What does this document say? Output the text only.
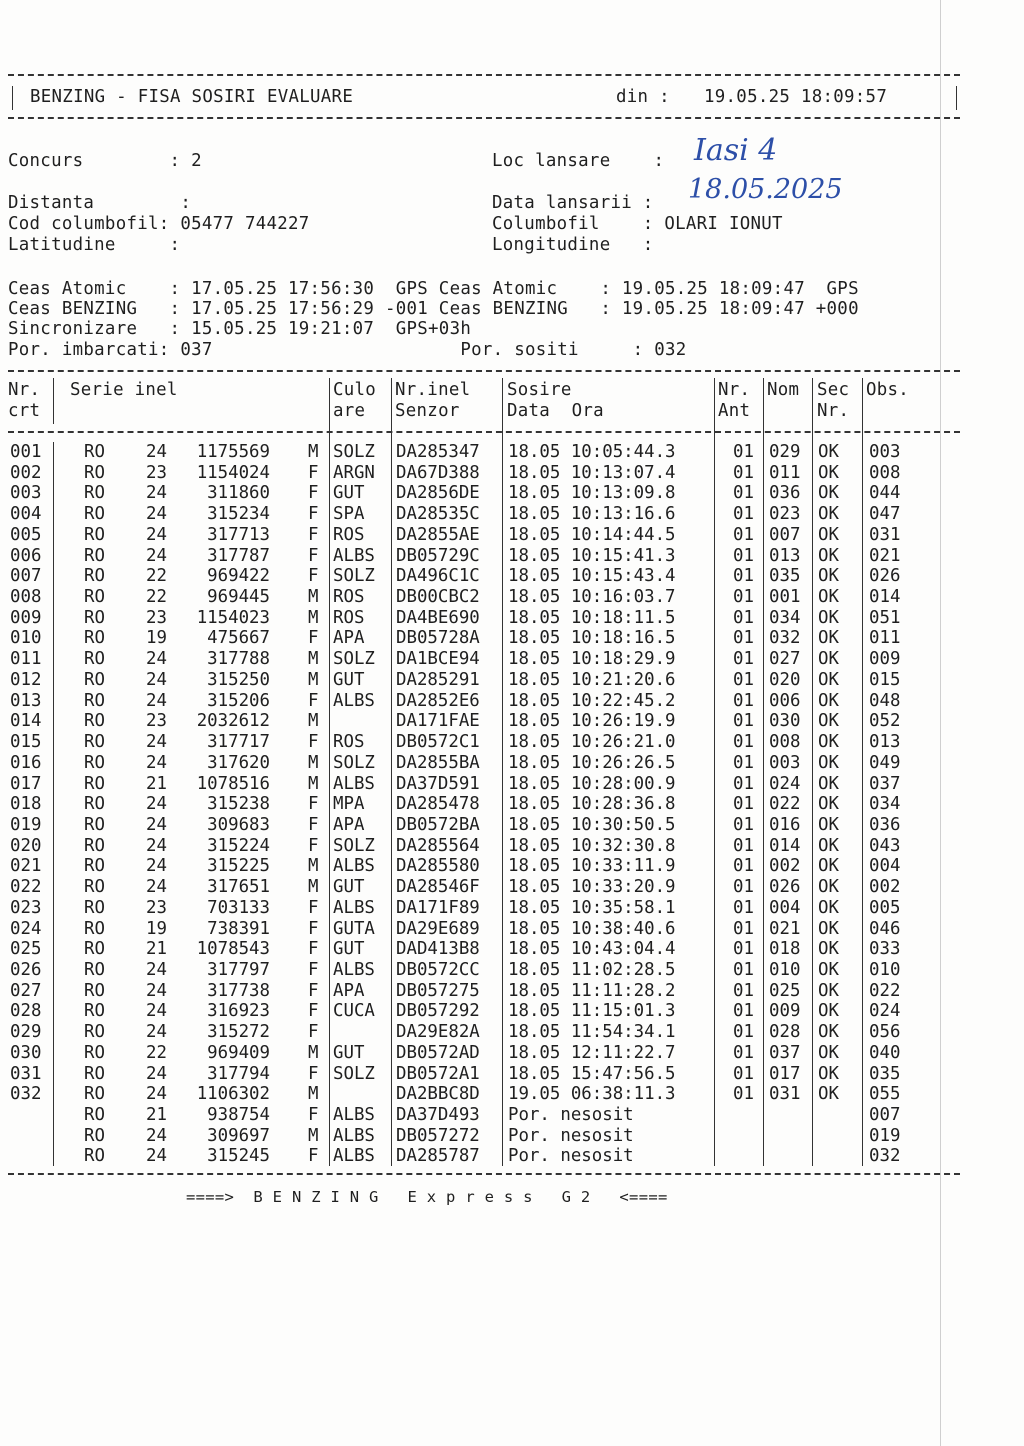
BENZING - FISA SOSIRI EVALUARE	din : 19.05.25 18:09:57
Concurs        : 2	Loc lansare    : Iasi 4
Distanta        :	Data lansarii : 18.05.2025
Cod columbofil: 05477 744227	Columbofil    : OLARI IONUT
Latitudine     :	Longitudine   :
Ceas Atomic    : 17.05.25 17:56:30  GPS Ceas Atomic    : 19.05.25 18:09:47  GPS
Ceas BENZING   : 17.05.25 17:56:29 -001 Ceas BENZING   : 19.05.25 18:09:47 +000
Sincronizare   : 15.05.25 19:21:07  GPS+03h
Por. imbarcati: 037                       Por. sositi     : 032
Nr. Serie inel	Culo Nr.inel Sosire	Nr. Nom Sec Obs.
crt	are Senzor	Data  Ora	Ant	Nr.
001 RO 24	1175569 M SOLZ DA285347 18.05 10:05:44.3	01 029 OK 003
002 RO 23	1154024 F ARGN DA67D388 18.05 10:13:07.4	01 011 OK 008
003 RO 24	311860 F GUT DA2856DE 18.05 10:13:09.8	01 036 OK 044
004 RO 24	315234 F SPA DA28535C 18.05 10:13:16.6	01 023 OK 047
005 RO 24	317713 F ROS DA2855AE 18.05 10:14:44.5	01 007 OK 031
006 RO 24	317787 F ALBS DB05729C 18.05 10:15:41.3	01 013 OK 021
007 RO 22	969422 F SOLZ DA496C1C 18.05 10:15:43.4	01 035 OK 026
008 RO 22	969445 M ROS DB00CBC2 18.05 10:16:03.7	01 001 OK 014
009 RO 23	1154023 M ROS DA4BE690 18.05 10:18:11.5	01 034 OK 051
010 RO 19	475667 F APA DB05728A 18.05 10:18:16.5	01 032 OK 011
011 RO 24	317788 M SOLZ DA1BCE94 18.05 10:18:29.9	01 027 OK 009
012 RO 24	315250 M GUT DA285291 18.05 10:21:20.6	01 020 OK 015
013 RO 24	315206 F ALBS DA2852E6 18.05 10:22:45.2	01 006 OK 048
014 RO 23	2032612 M	DA171FAE 18.05 10:26:19.9	01 030 OK 052
015 RO 24	317717 F ROS DB0572C1 18.05 10:26:21.0	01 008 OK 013
016 RO 24	317620 M SOLZ DA2855BA 18.05 10:26:26.5	01 003 OK 049
017 RO 21	1078516 M ALBS DA37D591 18.05 10:28:00.9	01 024 OK 037
018 RO 24	315238 F MPA DA285478 18.05 10:28:36.8	01 022 OK 034
019 RO 24	309683 F APA DB0572BA 18.05 10:30:50.5	01 016 OK 036
020 RO 24	315224 F SOLZ DA285564 18.05 10:32:30.8	01 014 OK 043
021 RO 24	315225 M ALBS DA285580 18.05 10:33:11.9	01 002 OK 004
022 RO 24	317651 M GUT DA28546F 18.05 10:33:20.9	01 026 OK 002
023 RO 23	703133 F ALBS DA171F89 18.05 10:35:58.1	01 004 OK 005
024 RO 19	738391 F GUTA DA29E689 18.05 10:38:40.6	01 021 OK 046
025 RO 21	1078543 F GUT DAD413B8 18.05 10:43:04.4	01 018 OK 033
026 RO 24	317797 F ALBS DB0572CC 18.05 11:02:28.5	01 010 OK 010
027 RO 24	317738 F APA DB057275 18.05 11:11:28.2	01 025 OK 022
028 RO 24	316923 F CUCA DB057292 18.05 11:15:01.3	01 009 OK 024
029 RO 24	315272 F	DA29E82A 18.05 11:54:34.1	01 028 OK 056
030 RO 22	969409 M GUT DB0572AD 18.05 12:11:22.7	01 037 OK 040
031 RO 24	317794 F SOLZ DB0572A1 18.05 15:47:56.5	01 017 OK 035
032 RO 24	1106302 M	DA2BBC8D 19.05 06:38:11.3	01 031 OK 055
RO 21	938754 F ALBS DA37D493 Por. nesosit	007
RO 24	309697 M ALBS DB057272 Por. nesosit	019
RO 24	315245 F ALBS DA285787 Por. nesosit	032
====>  B E N Z I N G   E x p r e s s   G 2   <====
